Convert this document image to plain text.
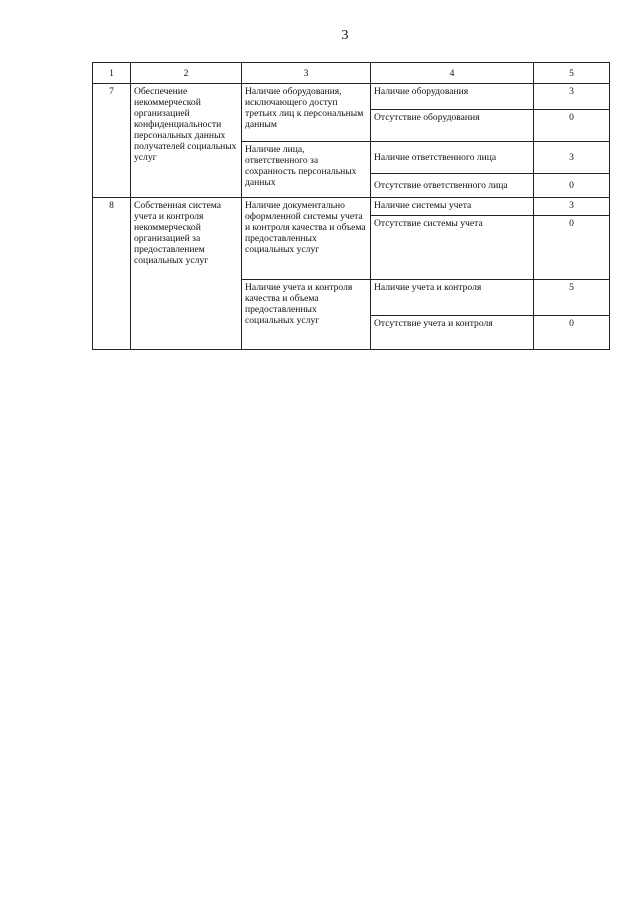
3
1	2	3	4	5
7	Обеспечение некоммерческой организацией конфиденциальности персональных данных получателей социальных услуг	Наличие оборудования, исключающего доступ третьих лиц к персональным данным	Наличие оборудования	3
			Отсутствие оборудования	0
		Наличие лица, ответственного за сохранность персональных данных	Наличие ответственного лица	3
			Отсутствие ответственного лица	0
8	Собственная система учета и контроля некоммерческой организацией за предоставлением социальных услуг	Наличие документально оформленной системы учета и контроля качества и объема предоставленных социальных услуг	Наличие системы учета	3
			Отсутствие системы учета	0
		Наличие учета и контроля качества и объема предоставленных социальных услуг	Наличие учета и контроля	5
			Отсутствие учета и контроля	0
